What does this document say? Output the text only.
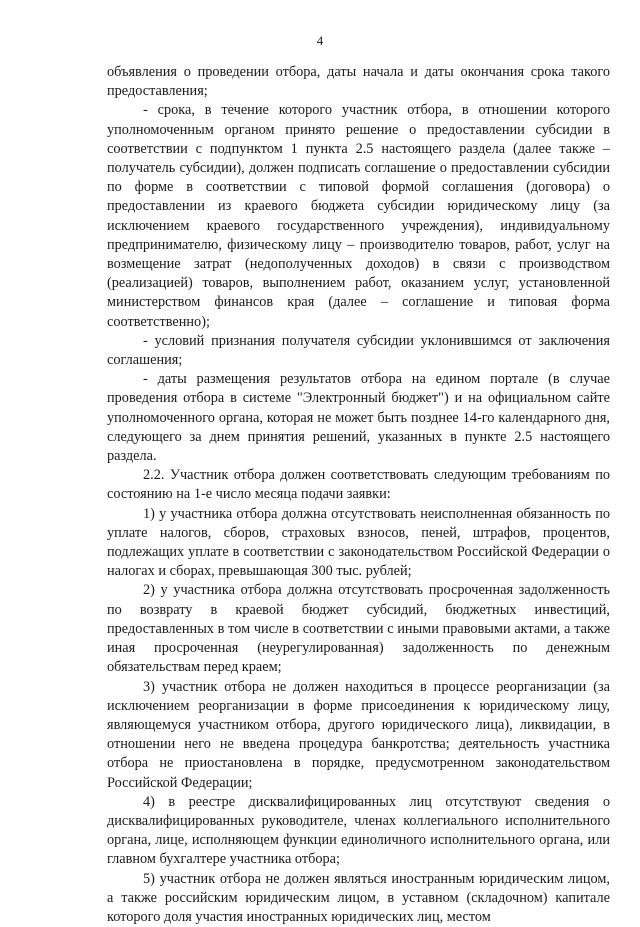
4

объявления о проведении отбора, даты начала и даты окончания срока такого предоставления;

- срока, в течение которого участник отбора, в отношении которого уполномоченным органом принято решение о предоставлении субсидии в соответствии с подпунктом 1 пункта 2.5 настоящего раздела (далее также – получатель субсидии), должен подписать соглашение о предоставлении субсидии по форме в соответствии с типовой формой соглашения (договора) о предоставлении из краевого бюджета субсидии юридическому лицу (за исключением краевого государственного учреждения), индивидуальному предпринимателю, физическому лицу – производителю товаров, работ, услуг на возмещение затрат (недополученных доходов) в связи с производством (реализацией) товаров, выполнением работ, оказанием услуг, установленной министерством финансов края (далее – соглашение и типовая форма соответственно);

- условий признания получателя субсидии уклонившимся от заключения соглашения;

- даты размещения результатов отбора на едином портале (в случае проведения отбора в системе "Электронный бюджет") и на официальном сайте уполномоченного органа, которая не может быть позднее 14-го календарного дня, следующего за днем принятия решений, указанных в пункте 2.5 настоящего раздела.

2.2. Участник отбора должен соответствовать следующим требованиям по состоянию на 1-е число месяца подачи заявки:

1) у участника отбора должна отсутствовать неисполненная обязанность по уплате налогов, сборов, страховых взносов, пеней, штрафов, процентов, подлежащих уплате в соответствии с законодательством Российской Федерации о налогах и сборах, превышающая 300 тыс. рублей;

2) у участника отбора должна отсутствовать просроченная задолженность по возврату в краевой бюджет субсидий, бюджетных инвестиций, предоставленных в том числе в соответствии с иными правовыми актами, а также иная просроченная (неурегулированная) задолженность по денежным обязательствам перед краем;

3) участник отбора не должен находиться в процессе реорганизации (за исключением реорганизации в форме присоединения к юридическому лицу, являющемуся участником отбора, другого юридического лица), ликвидации, в отношении него не введена процедура банкротства; деятельность участника отбора не приостановлена в порядке, предусмотренном законодательством Российской Федерации;

4) в реестре дисквалифицированных лиц отсутствуют сведения о дисквалифицированных руководителе, членах коллегиального исполнительного органа, лице, исполняющем функции единоличного исполнительного органа, или главном бухгалтере участника отбора;

5) участник отбора не должен являться иностранным юридическим лицом, а также российским юридическим лицом, в уставном (складочном) капитале которого доля участия иностранных юридических лиц, местом
